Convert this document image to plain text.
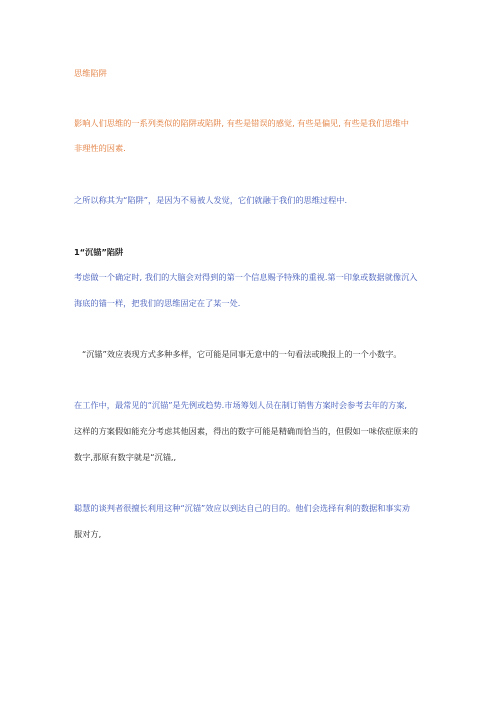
思维陷阱
影响人们思维的一系列类似的陷阱或陷阱, 有些是错误的感觉, 有些是偏见, 有些是我们思维中
非理性的因素.
之所以称其为“陷阱”，是因为不易被人发觉，它们就融于我们的思维过程中.
1“沉锚”陷阱
考虑做一个确定时, 我们的大脑会对得到的第一个信息赐予特殊的重视.第一印象或数据就像沉入
海底的锚一样，把我们的思维固定在了某一处.
“沉锚”效应表现方式多种多样，它可能是同事无意中的一句看法或晚报上的一个小数字。
在工作中，最常见的“沉锚”是先例或趋势.市场筹划人员在制订销售方案时会参考去年的方案,
这样的方案假如能充分考虑其他因素，得出的数字可能是精确而恰当的，但假如一味依症原来的
数字,那原有数字就是“沉锚,,
聪慧的谈判者很擅长利用这种“沉锚”效应以到达自己的目的。他们会选择有利的数据和事实劝
服对方,
